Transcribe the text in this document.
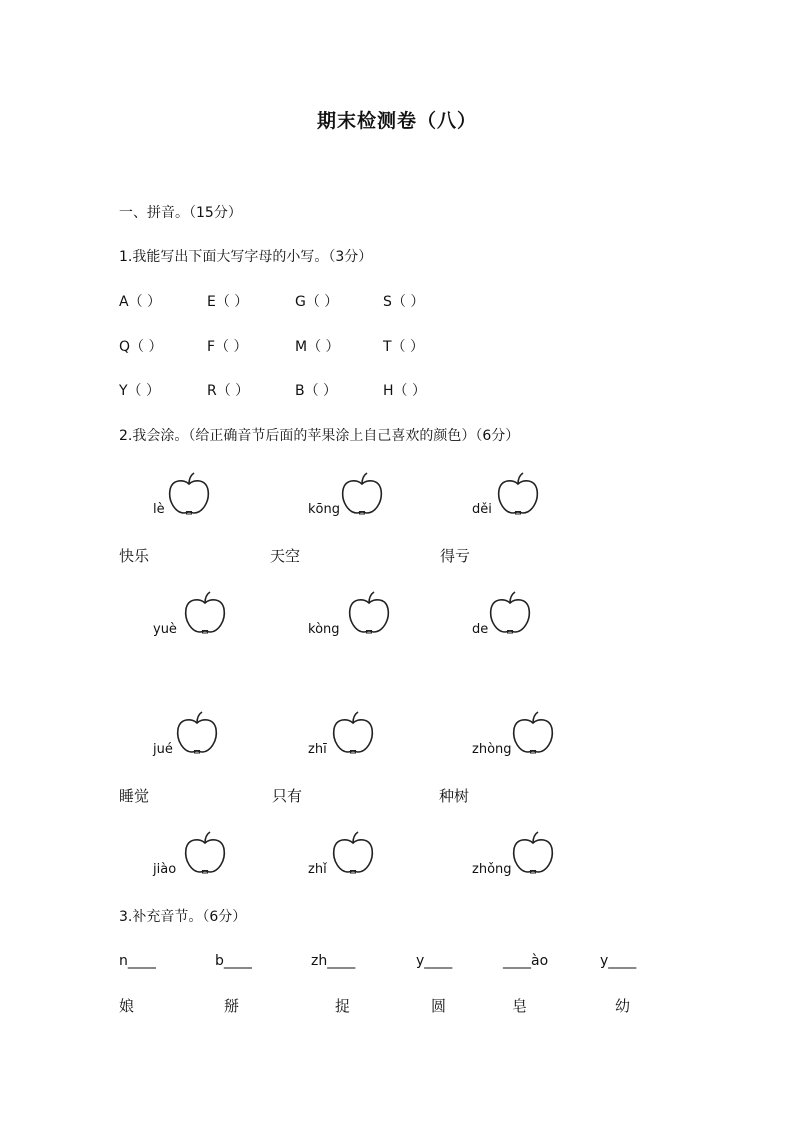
期末检测卷（八）
一、拼音。（15分）
1.我能写出下面大写字母的小写。（3分）
A（ ）	E（ ）	G（ ）	S（ ）
Q（ ）	F（ ）	M（ ）	T（ ）
Y（ ）	R（ ）	B（ ）	H（ ）
2.我会涂。（给正确音节后面的苹果涂上自己喜欢的颜色）（6分）
lè	kōng	děi
快乐	天空	得亏
yuè	kòng	de
jué	zhī	zhòng
睡觉	只有	种树
jiào	zhǐ	zhǒng
3.补充音节。（6分）
n____	b____	zh____	y____	____ào	y____
娘	掰	捉	圆	皂	幼
